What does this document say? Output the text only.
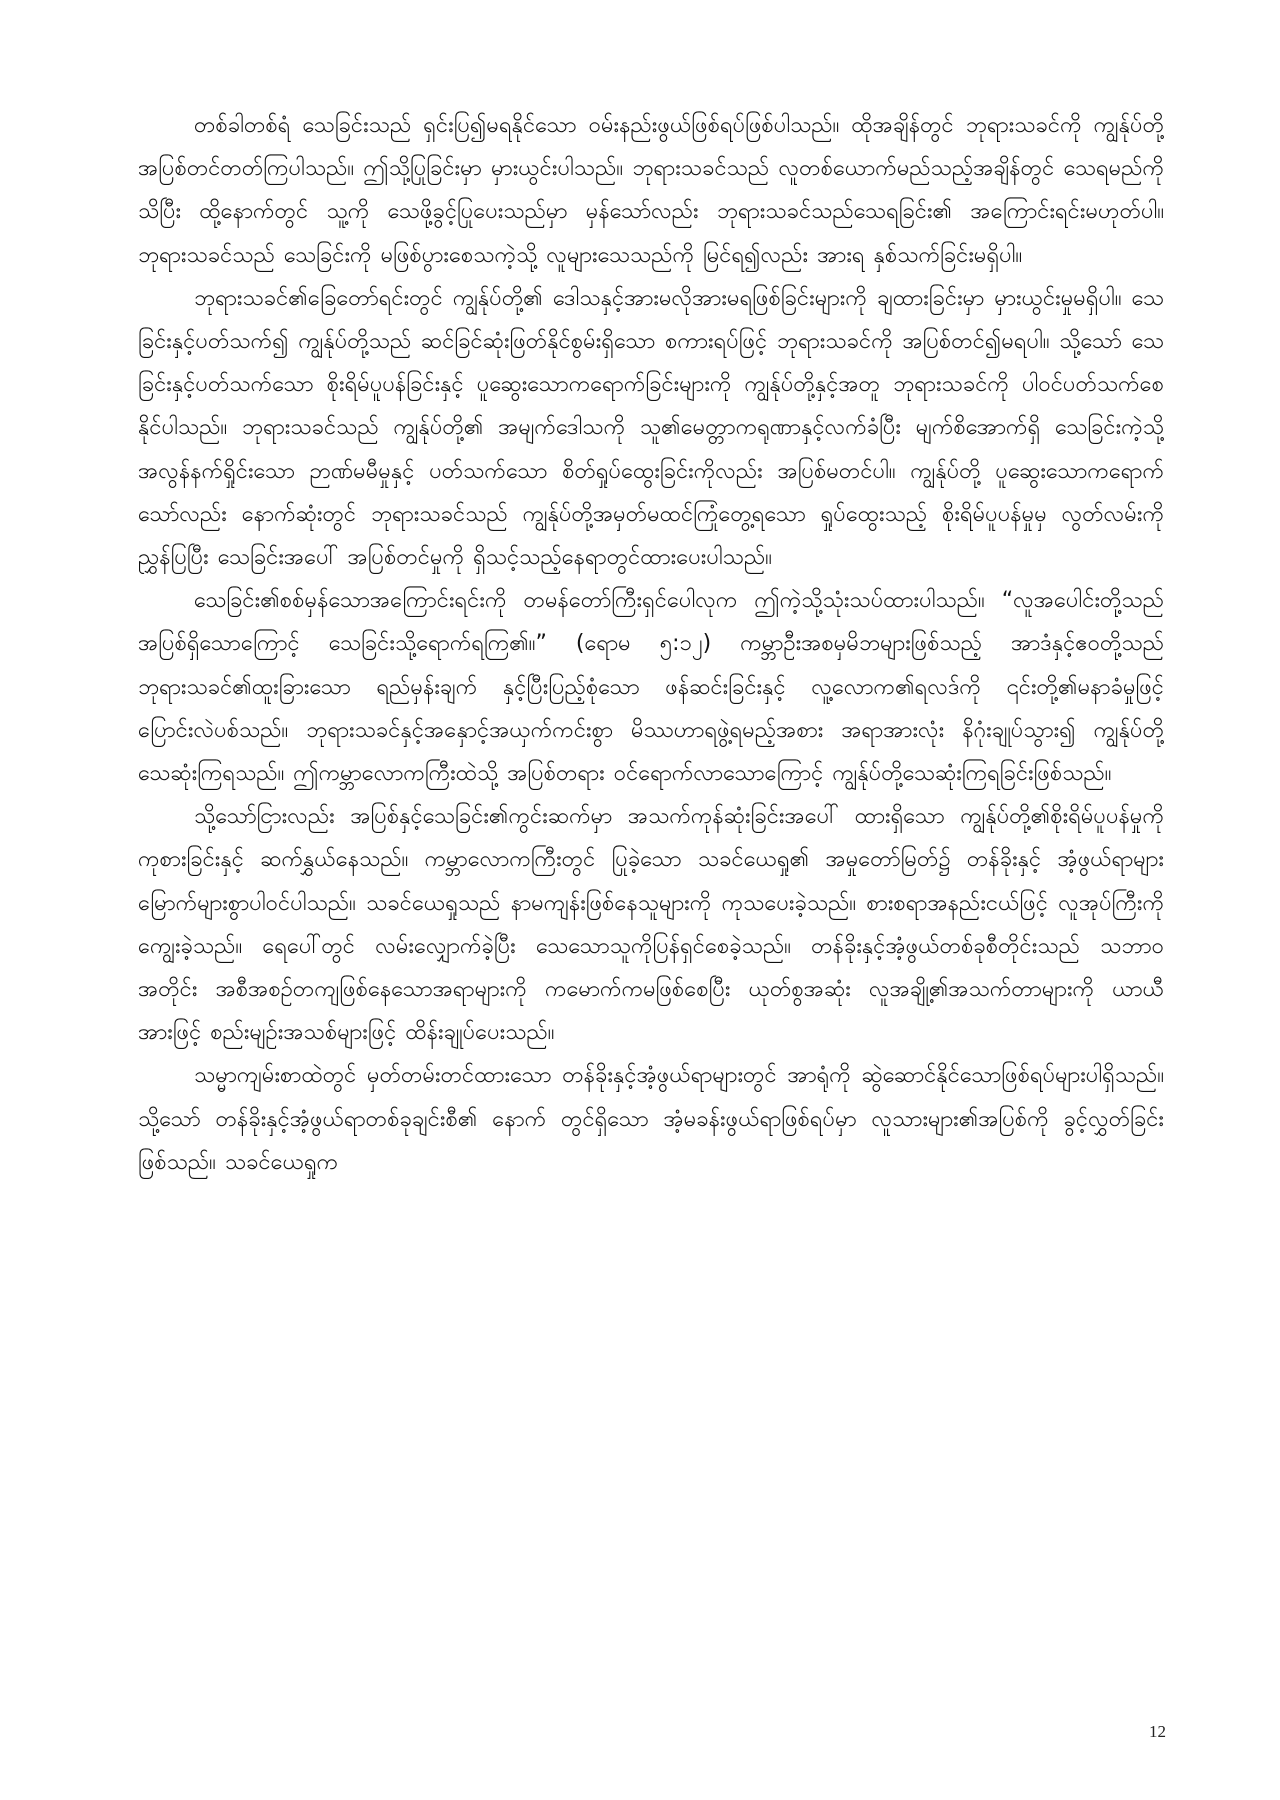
တစ်ခါတစ်ရံ သေခြင်းသည် ရှင်းပြ၍မရနိုင်သော ဝမ်းနည်းဖွယ်ဖြစ်ရပ်ဖြစ်ပါသည်။ ထိုအချိန်တွင် ဘုရားသခင်ကို ကျွန်ုပ်တို့ အပြစ်တင်တတ်ကြပါသည်။ ဤသို့ပြုခြင်းမှာ မှားယွင်းပါသည်။ ဘုရားသခင်သည် လူတစ်ယောက်မည်သည့်အချိန်တွင် သေရမည်ကိုသိပြီး ထို့နောက်တွင် သူ့ကို သေဖို့ခွင့်ပြုပေးသည်မှာ မှန်သော်လည်း ဘုရားသခင်သည်သေရခြင်း၏ အကြောင်းရင်းမဟုတ်ပါ။ ဘုရားသခင်သည် သေခြင်းကို မဖြစ်ပွားစေသကဲ့သို့ လူများသေသည်ကို မြင်ရ၍လည်း အားရ နှစ်သက်ခြင်းမရှိပါ။

ဘုရားသခင်၏ခြေတော်ရင်းတွင် ကျွန်ုပ်တို့၏ ဒေါသနှင့်အားမလိုအားမရဖြစ်ခြင်းများကို ချထားခြင်းမှာ မှားယွင်းမှုမရှိပါ။ သေခြင်းနှင့်ပတ်သက်၍ ကျွန်ုပ်တို့သည် ဆင်ခြင်ဆုံးဖြတ်နိုင်စွမ်းရှိသော စကားရပ်ဖြင့် ဘုရားသခင်ကို အပြစ်တင်၍မရပါ။ သို့သော် သေခြင်းနှင့်ပတ်သက်သော စိုးရိမ်ပူပန်ခြင်းနှင့် ပူဆွေးသောကရောက်ခြင်းများကို ကျွန်ုပ်တို့နှင့်အတူ ဘုရားသခင်ကို ပါဝင်ပတ်သက်စေနိုင်ပါသည်။ ဘုရားသခင်သည် ကျွန်ုပ်တို့၏ အမျက်ဒေါသကို သူ၏မေတ္တာကရုဏာနှင့်လက်ခံပြီး မျက်စိအောက်ရှိ သေခြင်းကဲ့သို့ အလွန်နက်ရှိုင်းသော ဉာဏ်မမီမှုနှင့် ပတ်သက်သော စိတ်ရှုပ်ထွေးခြင်းကိုလည်း အပြစ်မတင်ပါ။ ကျွန်ုပ်တို့ ပူဆွေးသောကရောက်သော်လည်း နောက်ဆုံးတွင် ဘုရားသခင်သည် ကျွန်ုပ်တို့အမှတ်မထင်ကြုံတွေ့ရသော ရှုပ်ထွေးသည့် စိုးရိမ်ပူပန်မှုမှ လွတ်လမ်းကို ညွှန်ပြပြီး သေခြင်းအပေါ် အပြစ်တင်မှုကို ရှိသင့်သည့်နေရာတွင်ထားပေးပါသည်။

သေခြင်း၏စစ်မှန်သောအကြောင်းရင်းကို တမန်တော်ကြီးရှင်ပေါလုက ဤကဲ့သို့သုံးသပ်ထားပါသည်။ “လူအပေါင်းတို့သည် အပြစ်ရှိသောကြောင့် သေခြင်းသို့ရောက်ရကြ၏။” (ရောမ ၅:၁၂) ကမ္ဘာဦးအစမှမိဘများဖြစ်သည့် အာဒံနှင့်ဧဝတို့သည် ဘုရားသခင်၏ထူးခြားသော ရည်မှန်းချက် နှင့်ပြီးပြည့်စုံသော ဖန်ဆင်းခြင်းနှင့် လူ့လောက၏ရလဒ်ကို ၎င်းတို့၏မနာခံမှုဖြင့် ပြောင်းလဲပစ်သည်။ ဘုရားသခင်နှင့်အနှောင့်အယှက်ကင်းစွာ မိဿဟာရဖွဲ့ရမည့်အစား အရာအားလုံး နိဂုံးချုပ်သွား၍ ကျွန်ုပ်တို့သေဆုံးကြရသည်။ ဤကမ္ဘာလောကကြီးထဲသို့ အပြစ်တရား ဝင်ရောက်လာသောကြောင့် ကျွန်ုပ်တို့သေဆုံးကြရခြင်းဖြစ်သည်။

သို့သော်ငြားလည်း အပြစ်နှင့်သေခြင်း၏ကွင်းဆက်မှာ အသက်ကုန်ဆုံးခြင်းအပေါ် ထားရှိသော ကျွန်ုပ်တို့၏စိုးရိမ်ပူပန်မှုကို ကုစားခြင်းနှင့် ဆက်နွှယ်နေသည်။ ကမ္ဘာလောကကြီးတွင် ပြုခဲ့သော သခင်ယေရှု၏ အမှုတော်မြတ်၌ တန်ခိုးနှင့် အံ့ဖွယ်ရာများ မြောက်များစွာပါဝင်ပါသည်။ သခင်ယေရှုသည် နာမကျန်းဖြစ်နေသူများကို ကုသပေးခဲ့သည်။ စားစရာအနည်းငယ်ဖြင့် လူအုပ်ကြီးကို ကျွေးခဲ့သည်။ ရေပေါ်တွင် လမ်းလျှောက်ခဲ့ပြီး သေသောသူကိုပြန်ရှင်စေခဲ့သည်။ တန်ခိုးနှင့်အံ့ဖွယ်တစ်ခုစီတိုင်းသည် သဘာဝအတိုင်း အစီအစဉ်တကျဖြစ်နေသောအရာများကို ကမောက်ကမဖြစ်စေပြီး ယုတ်စွအဆုံး လူအချို့၏အသက်တာများကို ယာယီအားဖြင့် စည်းမျဉ်းအသစ်များဖြင့် ထိန်းချုပ်ပေးသည်။

သမ္မာကျမ်းစာထဲတွင် မှတ်တမ်းတင်ထားသော တန်ခိုးနှင့်အံ့ဖွယ်ရာများတွင် အာရုံကို ဆွဲဆောင်နိုင်သောဖြစ်ရပ်များပါရှိသည်။ သို့သော် တန်ခိုးနှင့်အံ့ဖွယ်ရာတစ်ခုချင်းစီ၏ နောက် တွင်ရှိသော အံ့မခန်းဖွယ်ရာဖြစ်ရပ်မှာ လူသားများ၏အပြစ်ကို ခွင့်လွှတ်ခြင်းဖြစ်သည်။ သခင်ယေရှုက

12
